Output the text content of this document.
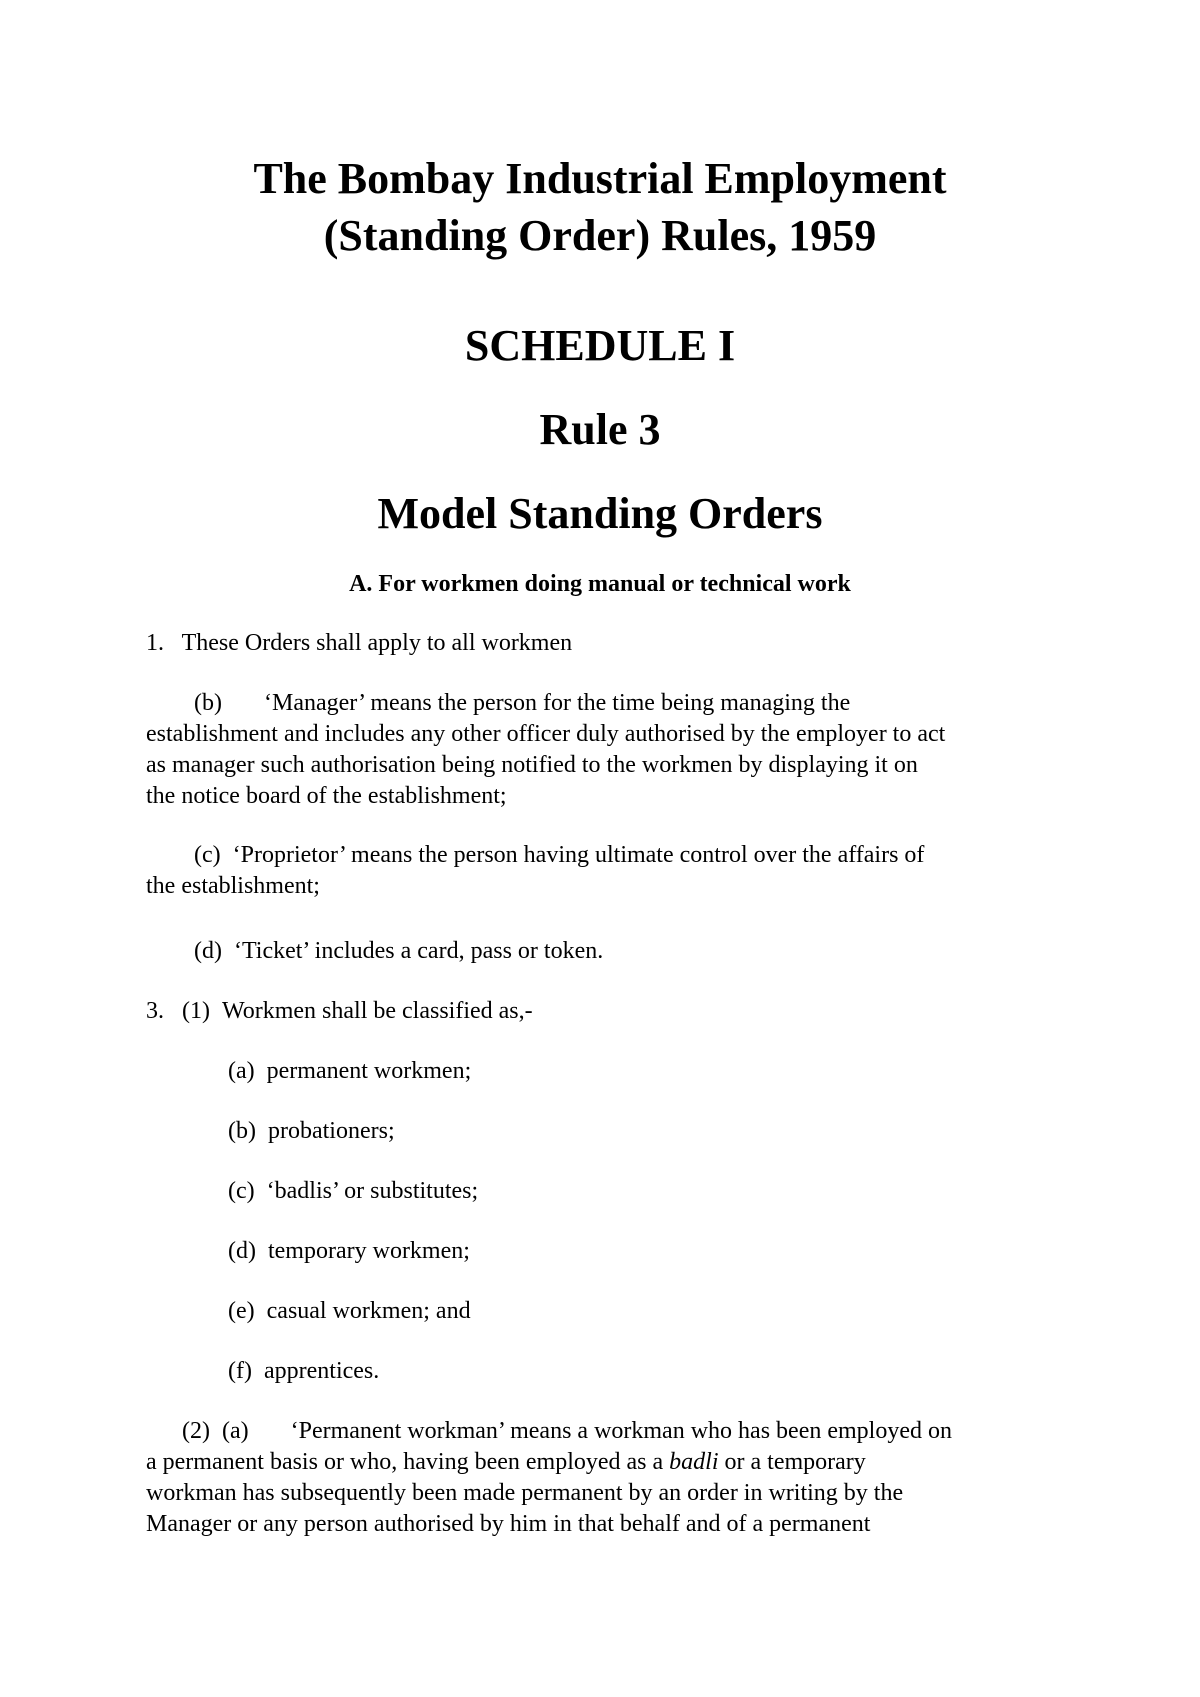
The Bombay Industrial Employment
(Standing Order) Rules, 1959
SCHEDULE I
Rule 3
Model Standing Orders
A. For workmen doing manual or technical work

1.   These Orders shall apply to all workmen

(b)       ‘Manager’ means the person for the time being managing the
establishment and includes any other officer duly authorised by the employer to act
as manager such authorisation being notified to the workmen by displaying it on
the notice board of the establishment;

(c)  ‘Proprietor’ means the person having ultimate control over the affairs of
the establishment;

(d)  ‘Ticket’ includes a card, pass or token.

3.   (1)  Workmen shall be classified as,-

(a)  permanent workmen;

(b)  probationers;

(c)  ‘badlis’ or substitutes;

(d)  temporary workmen;

(e)  casual workmen; and

(f)  apprentices.

(2)  (a)       ‘Permanent workman’ means a workman who has been employed on
a permanent basis or who, having been employed as a badli or a temporary
workman has subsequently been made permanent by an order in writing by the
Manager or any person authorised by him in that behalf and of a permanent
